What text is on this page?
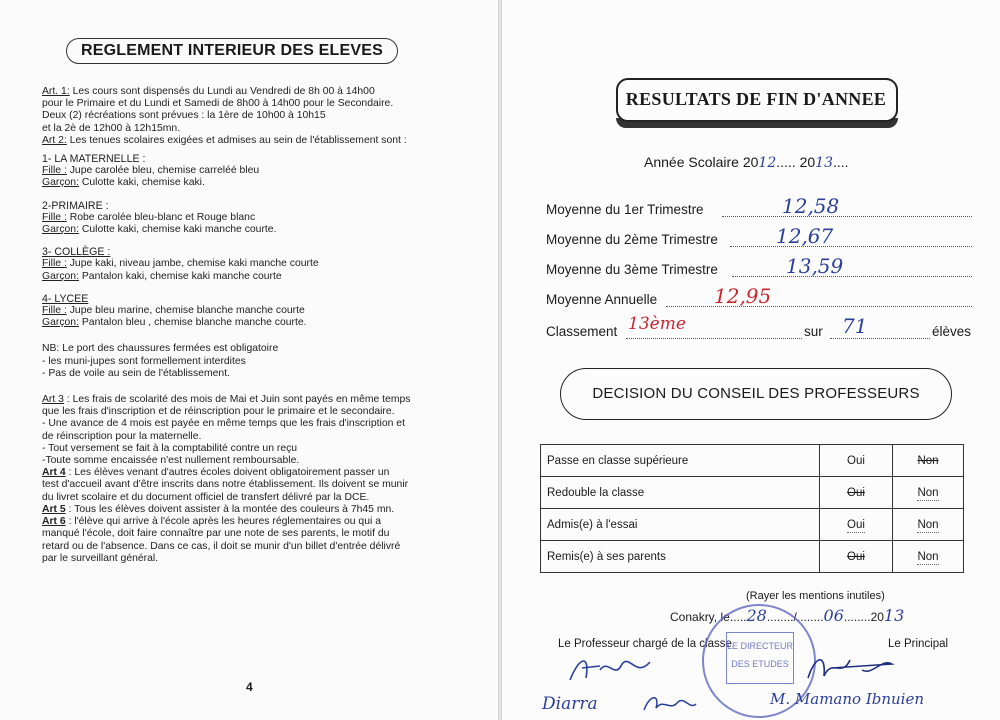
REGLEMENT INTERIEUR DES ELEVES

Art. 1: Les cours sont dispensés du Lundi au Vendredi de 8h 00 à 14h00

pour le Primaire et du Lundi et Samedi de 8h00 à 14h00 pour le Secondaire.

Deux (2) récréations sont prévues : la 1ère de 10h00 à 10h15

et la 2è de 12h00 à 12h15mn.

Art 2: Les tenues scolaires exigées et admises au sein de l'établissement sont :

1- LA MATERNELLE :

Fille : Jupe carolée bleu, chemise carreléé bleu

Garçon: Culotte kaki, chemise kaki.

2-PRIMAIRE :

Fille : Robe carolée bleu-blanc et Rouge blanc

Garçon: Culotte kaki, chemise kaki manche courte.

3- COLLÈGE :

Fille : Jupe kaki, niveau jambe, chemise kaki manche courte

Garçon: Pantalon kaki, chemise kaki manche courte

4- LYCEE

Fille : Jupe bleu marine, chemise blanche manche courte

Garçon: Pantalon bleu , chemise blanche manche courte.

NB: Le port des chaussures fermées est obligatoire

- les muni-jupes sont formellement interdites

- Pas de voile au sein de l'établissement.

Art 3 : Les frais de scolarité des mois de Mai et Juin sont payés en même temps

que les frais d'inscription et de réinscription pour le primaire et le secondaire.

- Une avance de 4 mois est payée en même temps que les frais d'inscription et

de réinscription pour la maternelle.

- Tout versement se fait à la comptabilité contre un reçu

-Toute somme encaissée n'est nullement remboursable.

Art 4 : Les élèves venant d'autres écoles doivent obligatoirement passer un

test d'accueil avant d'être inscrits dans notre établissement. Ils doivent se munir

du livret scolaire et du document officiel de transfert délivré par la DCE.

Art 5 : Tous les élèves doivent assister à la montée des couleurs à 7h45 mn.

Art 6 : l'élève qui arrive à l'école après les heures réglementaires ou qui a

manqué l'école, doit faire connaître par une note de ses parents, le motif du

retard ou de l'absence. Dans ce cas, il doit se munir d'un billet d'entrée délivré

par le surveillant général.

4
RESULTATS DE FIN D'ANNEE
Année Scolaire 2012..... 2013....
Moyenne du 1er Trimestre	12,58
Moyenne du 2ème Trimestre	12,67
Moyenne du 3ème Trimestre	13,59
Moyenne Annuelle	12,95
Classement 13ème	sur 71	élèves
DECISION DU CONSEIL DES PROFESSEURS
Passe en classe supérieure	Oui	Non
Redouble la classe	Oui	Non
Admis(e) à l'essai	Oui	Non
Remis(e) à ses parents	Oui	Non
(Rayer les mentions inutiles)
Conakry, le.....28......../........06........2013
Le Professeur chargé de la classe	Le Principal
LE DIRECTEUR
DES ETUDES
Diarra	M. Mamano Ibnuien
